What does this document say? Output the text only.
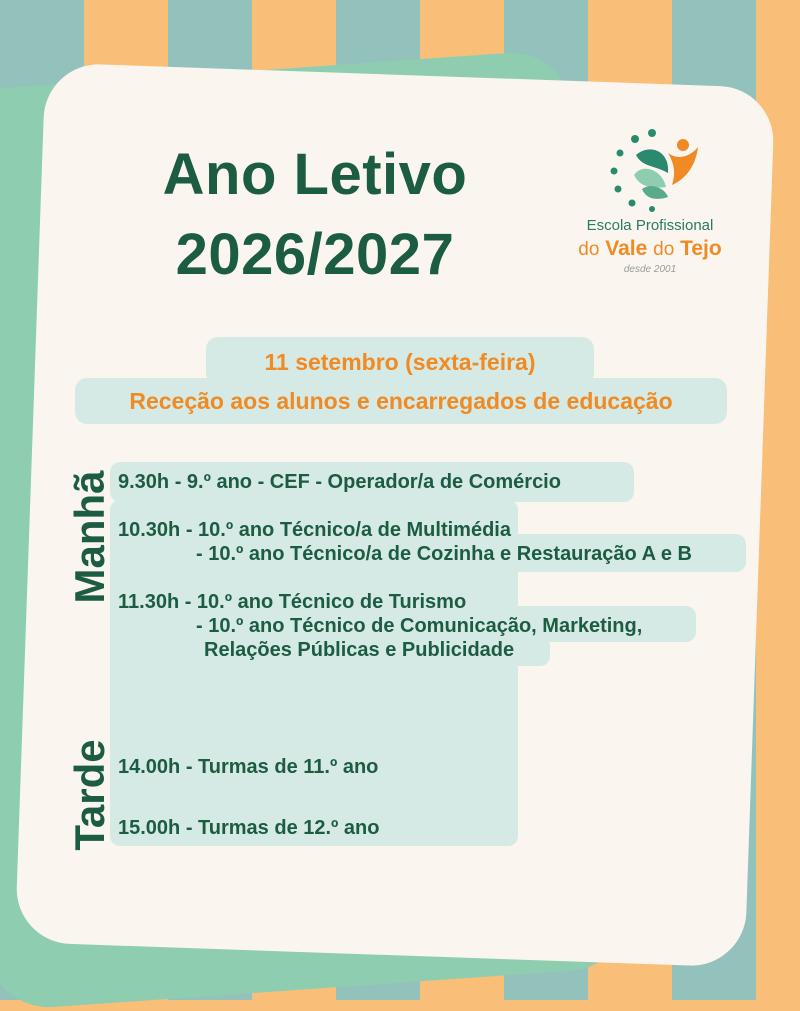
Ano Letivo
2026/2027	Escola Profissional
do Vale do Tejo
desde 2001
11 setembro (sexta-feira)
Receção aos alunos e encarregados de educação
Manhã
Tarde
9.30h - 9.º ano - CEF - Operador/a de Comércio
10.30h - 10.º ano Técnico/a de Multimédia
- 10.º ano Técnico/a de Cozinha e Restauração A e B
11.30h - 10.º ano Técnico de Turismo
- 10.º ano Técnico de Comunicação, Marketing,
Relações Públicas e Publicidade
14.00h - Turmas de 11.º ano
15.00h - Turmas de 12.º ano
